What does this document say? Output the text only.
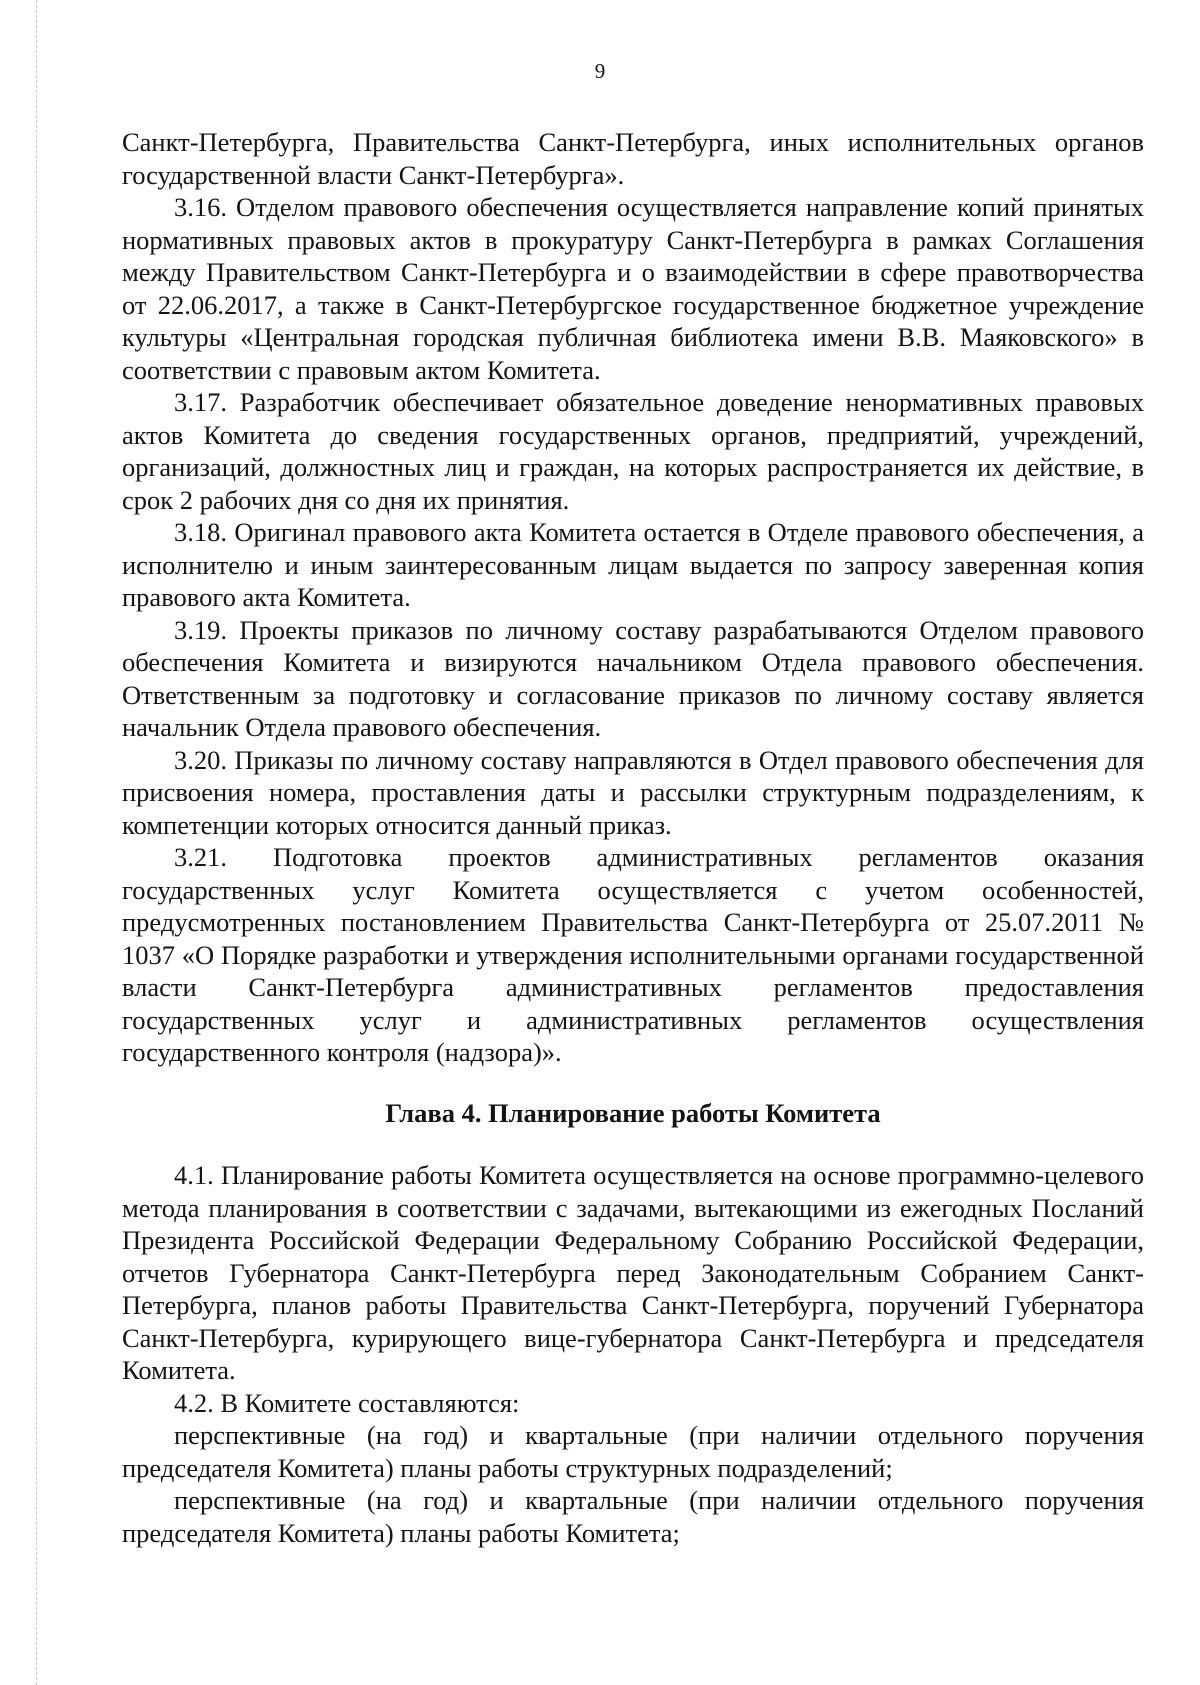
9

Санкт-Петербурга, Правительства Санкт-Петербурга, иных исполнительных органов государственной власти Санкт-Петербурга».

3.16. Отделом правового обеспечения осуществляется направление копий принятых нормативных правовых актов в прокуратуру Санкт-Петербурга в рамках Соглашения между Правительством Санкт-Петербурга и о взаимодействии в сфере правотворчества от 22.06.2017, а также в Санкт-Петербургское государственное бюджетное учреждение культуры «Центральная городская публичная библиотека имени В.В. Маяковского» в соответствии с правовым актом Комитета.

3.17. Разработчик обеспечивает обязательное доведение ненормативных правовых актов Комитета до сведения государственных органов, предприятий, учреждений, организаций, должностных лиц и граждан, на которых распространяется их действие, в срок 2 рабочих дня со дня их принятия.

3.18. Оригинал правового акта Комитета остается в Отделе правового обеспечения, а исполнителю и иным заинтересованным лицам выдается по запросу заверенная копия правового акта Комитета.

3.19. Проекты приказов по личному составу разрабатываются Отделом правового обеспечения Комитета и визируются начальником Отдела правового обеспечения. Ответственным за подготовку и согласование приказов по личному составу является начальник Отдела правового обеспечения.

3.20. Приказы по личному составу направляются в Отдел правового обеспечения для присвоения номера, проставления даты и рассылки структурным подразделениям, к компетенции которых относится данный приказ.

3.21. Подготовка проектов административных регламентов оказания государственных услуг Комитета осуществляется с учетом особенностей, предусмотренных постановлением Правительства Санкт-Петербурга от 25.07.2011 № 1037 «О Порядке разработки и утверждения исполнительными органами государственной власти Санкт-Петербурга административных регламентов предоставления государственных услуг и административных регламентов осуществления государственного контроля (надзора)».

Глава 4. Планирование работы Комитета

4.1. Планирование работы Комитета осуществляется на основе программно-целевого метода планирования в соответствии с задачами, вытекающими из ежегодных Посланий Президента Российской Федерации Федеральному Собранию Российской Федерации, отчетов Губернатора Санкт-Петербурга перед Законодательным Собранием Санкт-Петербурга, планов работы Правительства Санкт-Петербурга, поручений Губернатора Санкт-Петербурга, курирующего вице-губернатора Санкт-Петербурга и председателя Комитета.

4.2. В Комитете составляются:

перспективные (на год) и квартальные (при наличии отдельного поручения председателя Комитета) планы работы структурных подразделений;

перспективные (на год) и квартальные (при наличии отдельного поручения председателя Комитета) планы работы Комитета;
